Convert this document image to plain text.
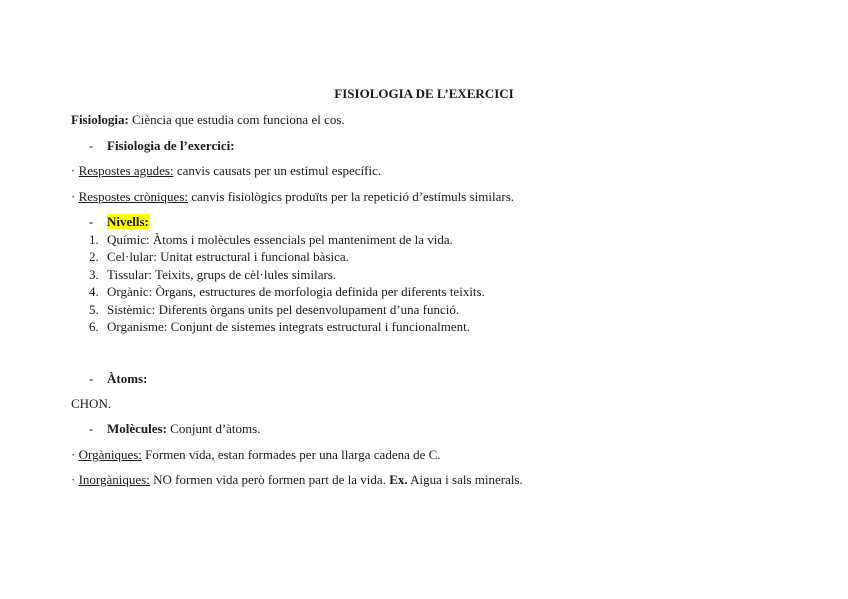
FISIOLOGIA DE L’EXERCICI
Fisiologia: Ciència que estudia com funciona el cos.
- Fisiologia de l’exercici:
· Respostes agudes: canvis causats per un estímul específic.
· Respostes cròniques: canvis fisiològics produïts per la repetició d’estímuls similars.
- Nivells:
1. Químic: Àtoms i molècules essencials pel manteniment de la vida.
2. Cel·lular: Unitat estructural i funcional bàsica.
3. Tissular: Teixits, grups de cèl·lules similars.
4. Orgànic: Òrgans, estructures de morfologia definida per diferents teixits.
5. Sistèmic: Diferents òrgans units pel desenvolupament d’una funció.
6. Organisme: Conjunt de sistemes integrats estructural i funcionalment.
- Àtoms:
CHON.
- Molècules: Conjunt d’àtoms.
· Orgàniques: Formen vida, estan formades per una llarga cadena de C.
· Inorgàniques: NO formen vida però formen part de la vida. Ex. Aigua i sals minerals.
